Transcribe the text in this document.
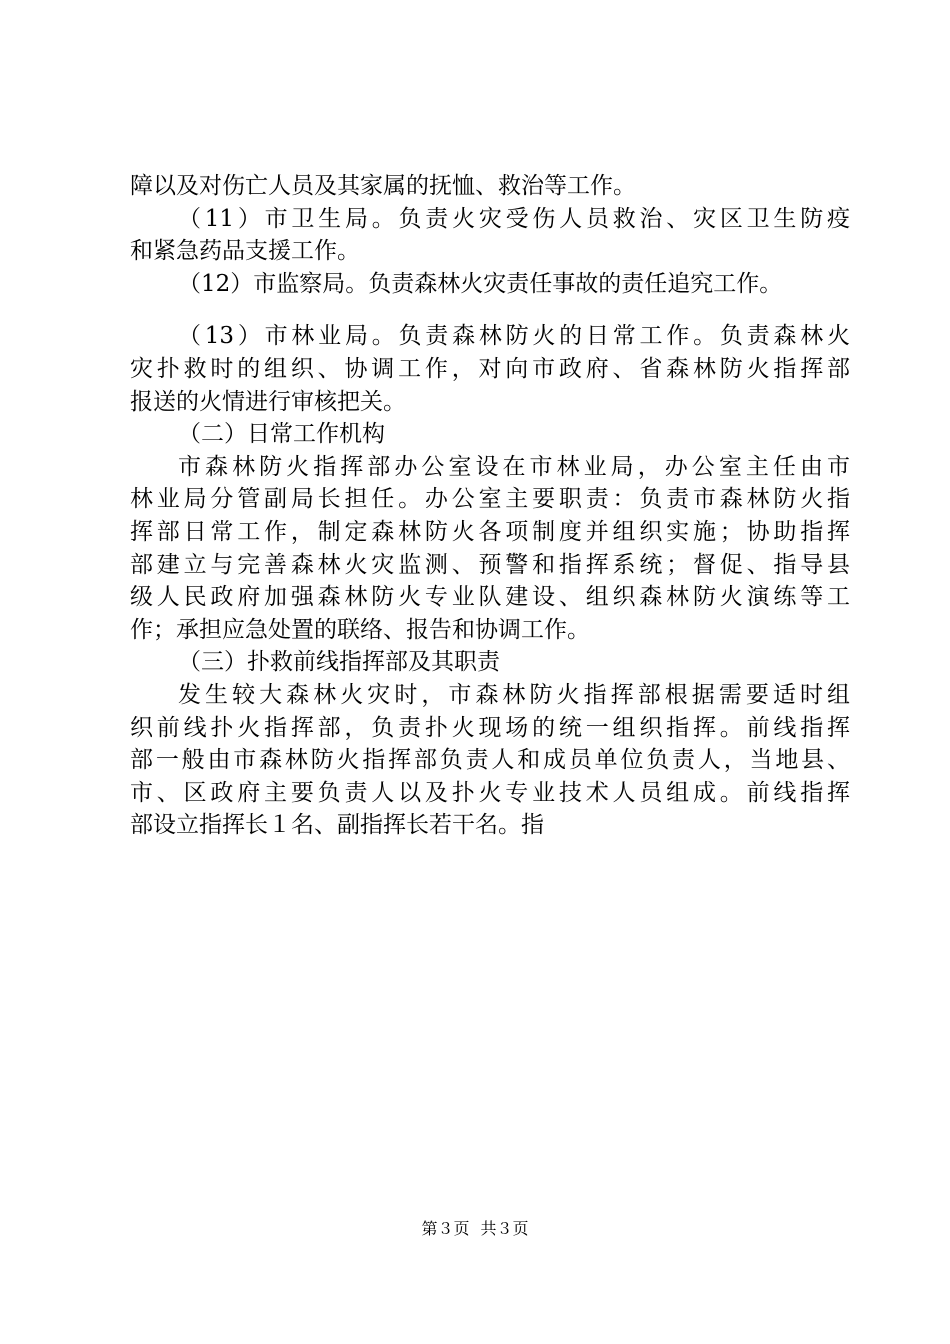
障以及对伤亡人员及其家属的抚恤、救治等工作。
（11）市卫生局。负责火灾受伤人员救治、灾区卫生防疫
和紧急药品支援工作。
（12）市监察局。负责森林火灾责任事故的责任追究工作。
（13）市林业局。负责森林防火的日常工作。负责森林火
灾扑救时的组织、协调工作，对向市政府、省森林防火指挥部
报送的火情进行审核把关。
（二）日常工作机构
市森林防火指挥部办公室设在市林业局，办公室主任由市
林业局分管副局长担任。办公室主要职责：负责市森林防火指
挥部日常工作，制定森林防火各项制度并组织实施；协助指挥
部建立与完善森林火灾监测、预警和指挥系统；督促、指导县
级人民政府加强森林防火专业队建设、组织森林防火演练等工
作；承担应急处置的联络、报告和协调工作。
（三）扑救前线指挥部及其职责
发生较大森林火灾时，市森林防火指挥部根据需要适时组
织前线扑火指挥部，负责扑火现场的统一组织指挥。前线指挥
部一般由市森林防火指挥部负责人和成员单位负责人，当地县、
市、区政府主要负责人以及扑火专业技术人员组成。前线指挥
部设立指挥长１名、副指挥长若干名。指
第３页 共３页
